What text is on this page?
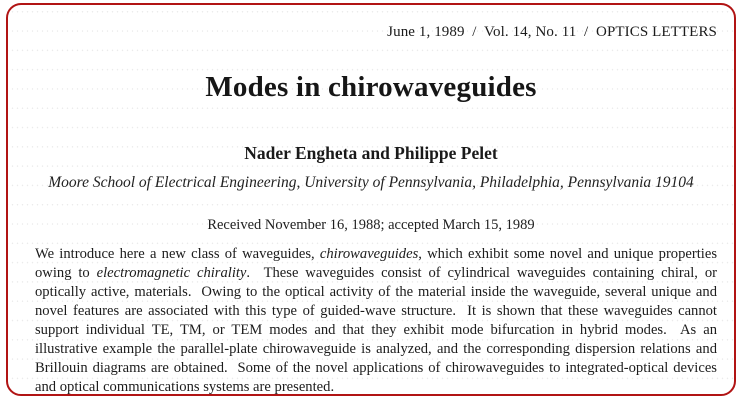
June 1, 1989  /  Vol. 14, No. 11  /  OPTICS LETTERS
Modes in chirowaveguides
Nader Engheta and Philippe Pelet
Moore School of Electrical Engineering, University of Pennsylvania, Philadelphia, Pennsylvania 19104
Received November 16, 1988; accepted March 15, 1989
We introduce here a new class of waveguides, chirowaveguides, which exhibit some novel and unique properties owing to electromagnetic chirality.  These waveguides consist of cylindrical waveguides containing chiral, or optically active, materials.  Owing to the optical activity of the material inside the waveguide, several unique and novel features are associated with this type of guided-wave structure.  It is shown that these waveguides cannot support individual TE, TM, or TEM modes and that they exhibit mode bifurcation in hybrid modes.  As an illustrative example the parallel-plate chirowaveguide is analyzed, and the corresponding dispersion relations and Brillouin diagrams are obtained.  Some of the novel applications of chirowaveguides to integrated-optical devices and optical communications systems are presented.
